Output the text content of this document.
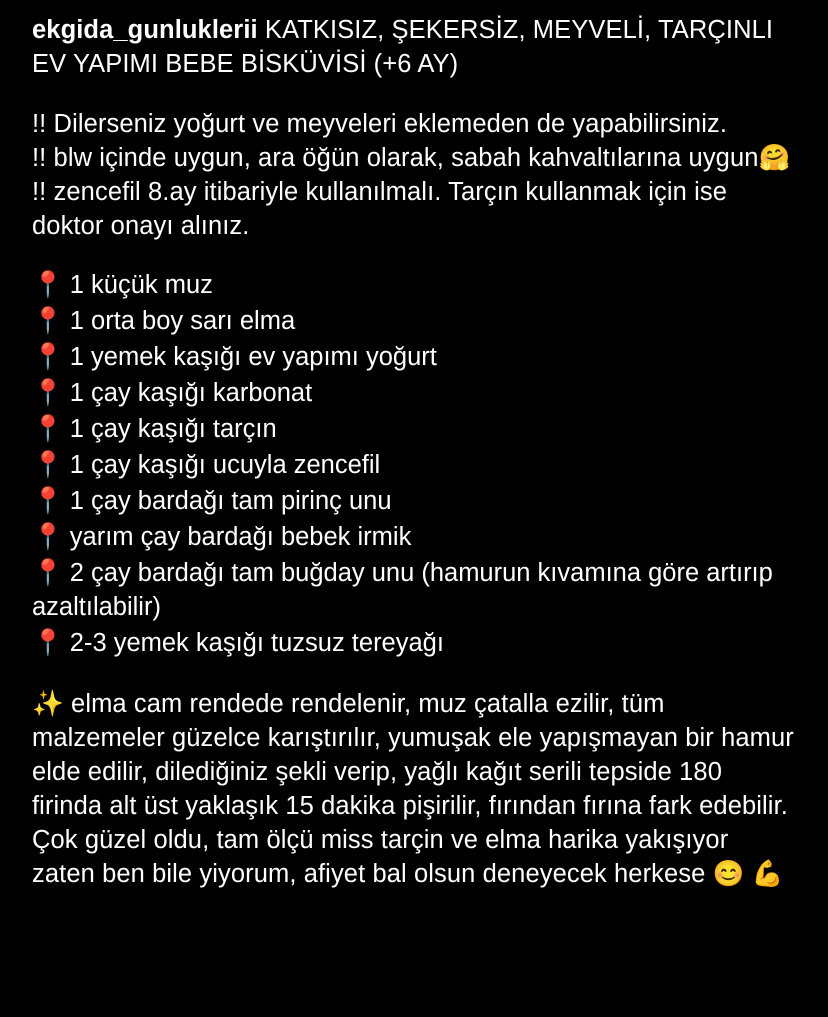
ekgida_gunluklerii KATKISIZ, ŞEKERSİZ, MEYVELİ, TARÇINLI
EV YAPIMI BEBE BİSKÜVİSİ (+6 AY)
!! Dilerseniz yoğurt ve meyveleri eklemeden de yapabilirsiniz.
!! blw içinde uygun, ara öğün olarak, sabah kahvaltılarına uygun🤗
!! zencefil 8.ay itibariyle kullanılmalı. Tarçın kullanmak için ise doktor onayı alınız.
📍 1 küçük muz
📍 1 orta boy sarı elma
📍 1 yemek kaşığı ev yapımı yoğurt
📍 1 çay kaşığı karbonat
📍 1 çay kaşığı tarçın
📍 1 çay kaşığı ucuyla zencefil
📍 1 çay bardağı tam pirinç unu
📍 yarım çay bardağı bebek irmik
📍 2 çay bardağı tam buğday unu (hamurun kıvamına göre artırıp azaltılabilir)
📍 2-3 yemek kaşığı tuzsuz tereyağı
✨ elma cam rendede rendelenir, muz çatalla ezilir, tüm malzemeler güzelce karıştırılır, yumuşak ele yapışmayan bir hamur elde edilir, dilediğiniz şekli verip, yağlı kağıt serili tepside 180 firinda alt üst yaklaşık 15 dakika pişirilir, fırından fırına fark edebilir. Çok güzel oldu, tam ölçü miss tarçin ve elma harika yakışıyor zaten ben bile yiyorum, afiyet bal olsun deneyecek herkese 😊 💪
